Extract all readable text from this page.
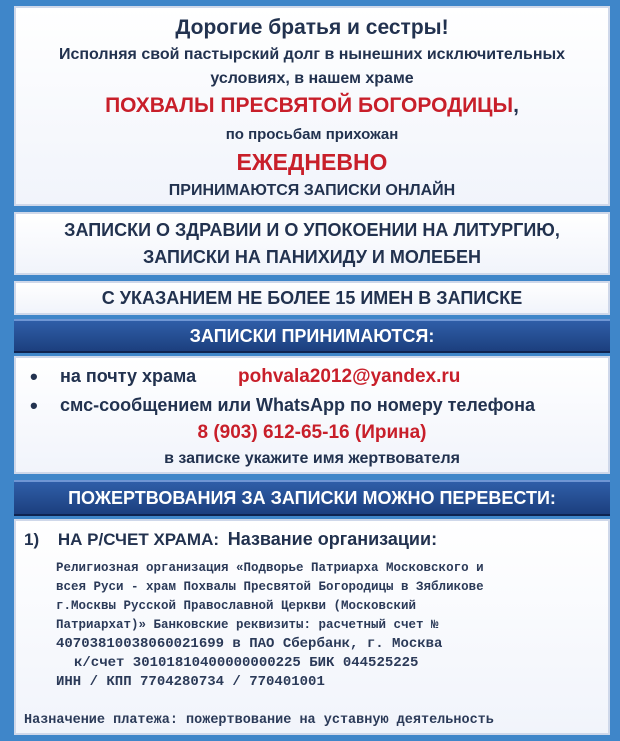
Дорогие братья и сестры!

Исполняя свой пастырский долг в нынешних исключительных

условиях, в нашем храме

ПОХВАЛЫ ПРЕСВЯТОЙ БОГОРОДИЦЫ,

по просьбам прихожан

ЕЖЕДНЕВНО

ПРИНИМАЮТСЯ ЗАПИСКИ ОНЛАЙН

ЗАПИСКИ О ЗДРАВИИ И О УПОКОЕНИИ НА ЛИТУРГИЮ,

ЗАПИСКИ НА ПАНИХИДУ И МОЛЕБЕН

С УКАЗАНИЕМ НЕ БОЛЕЕ 15 ИМЕН В ЗАПИСКЕ

ЗАПИСКИ ПРИНИМАЮТСЯ:
• на почту храма pohvala2012@yandex.ru
• смс-сообщением или WhatsApp по номеру телефона

8 (903) 612-65-16 (Ирина)

в записке укажите имя жертвователя

ПОЖЕРТВОВАНИЯ ЗА ЗАПИСКИ МОЖНО ПЕРЕВЕСТИ:
1) НА Р/СЧЕТ ХРАМА: Название организации:
Религиозная организация «Подворье Патриарха Московского и
всея Руси - храм Похвалы Пресвятой Богородицы в Зябликове
г.Москвы Русской Православной Церкви (Московский
Патриархат)» Банковские реквизиты: расчетный счет №
40703810038060021699 в ПАО Сбербанк, г. Москва
к/счет 30101810400000000225 БИК 044525225
ИНН / КПП 7704280734 / 770401001
Назначение платежа: пожертвование на уставную деятельность
